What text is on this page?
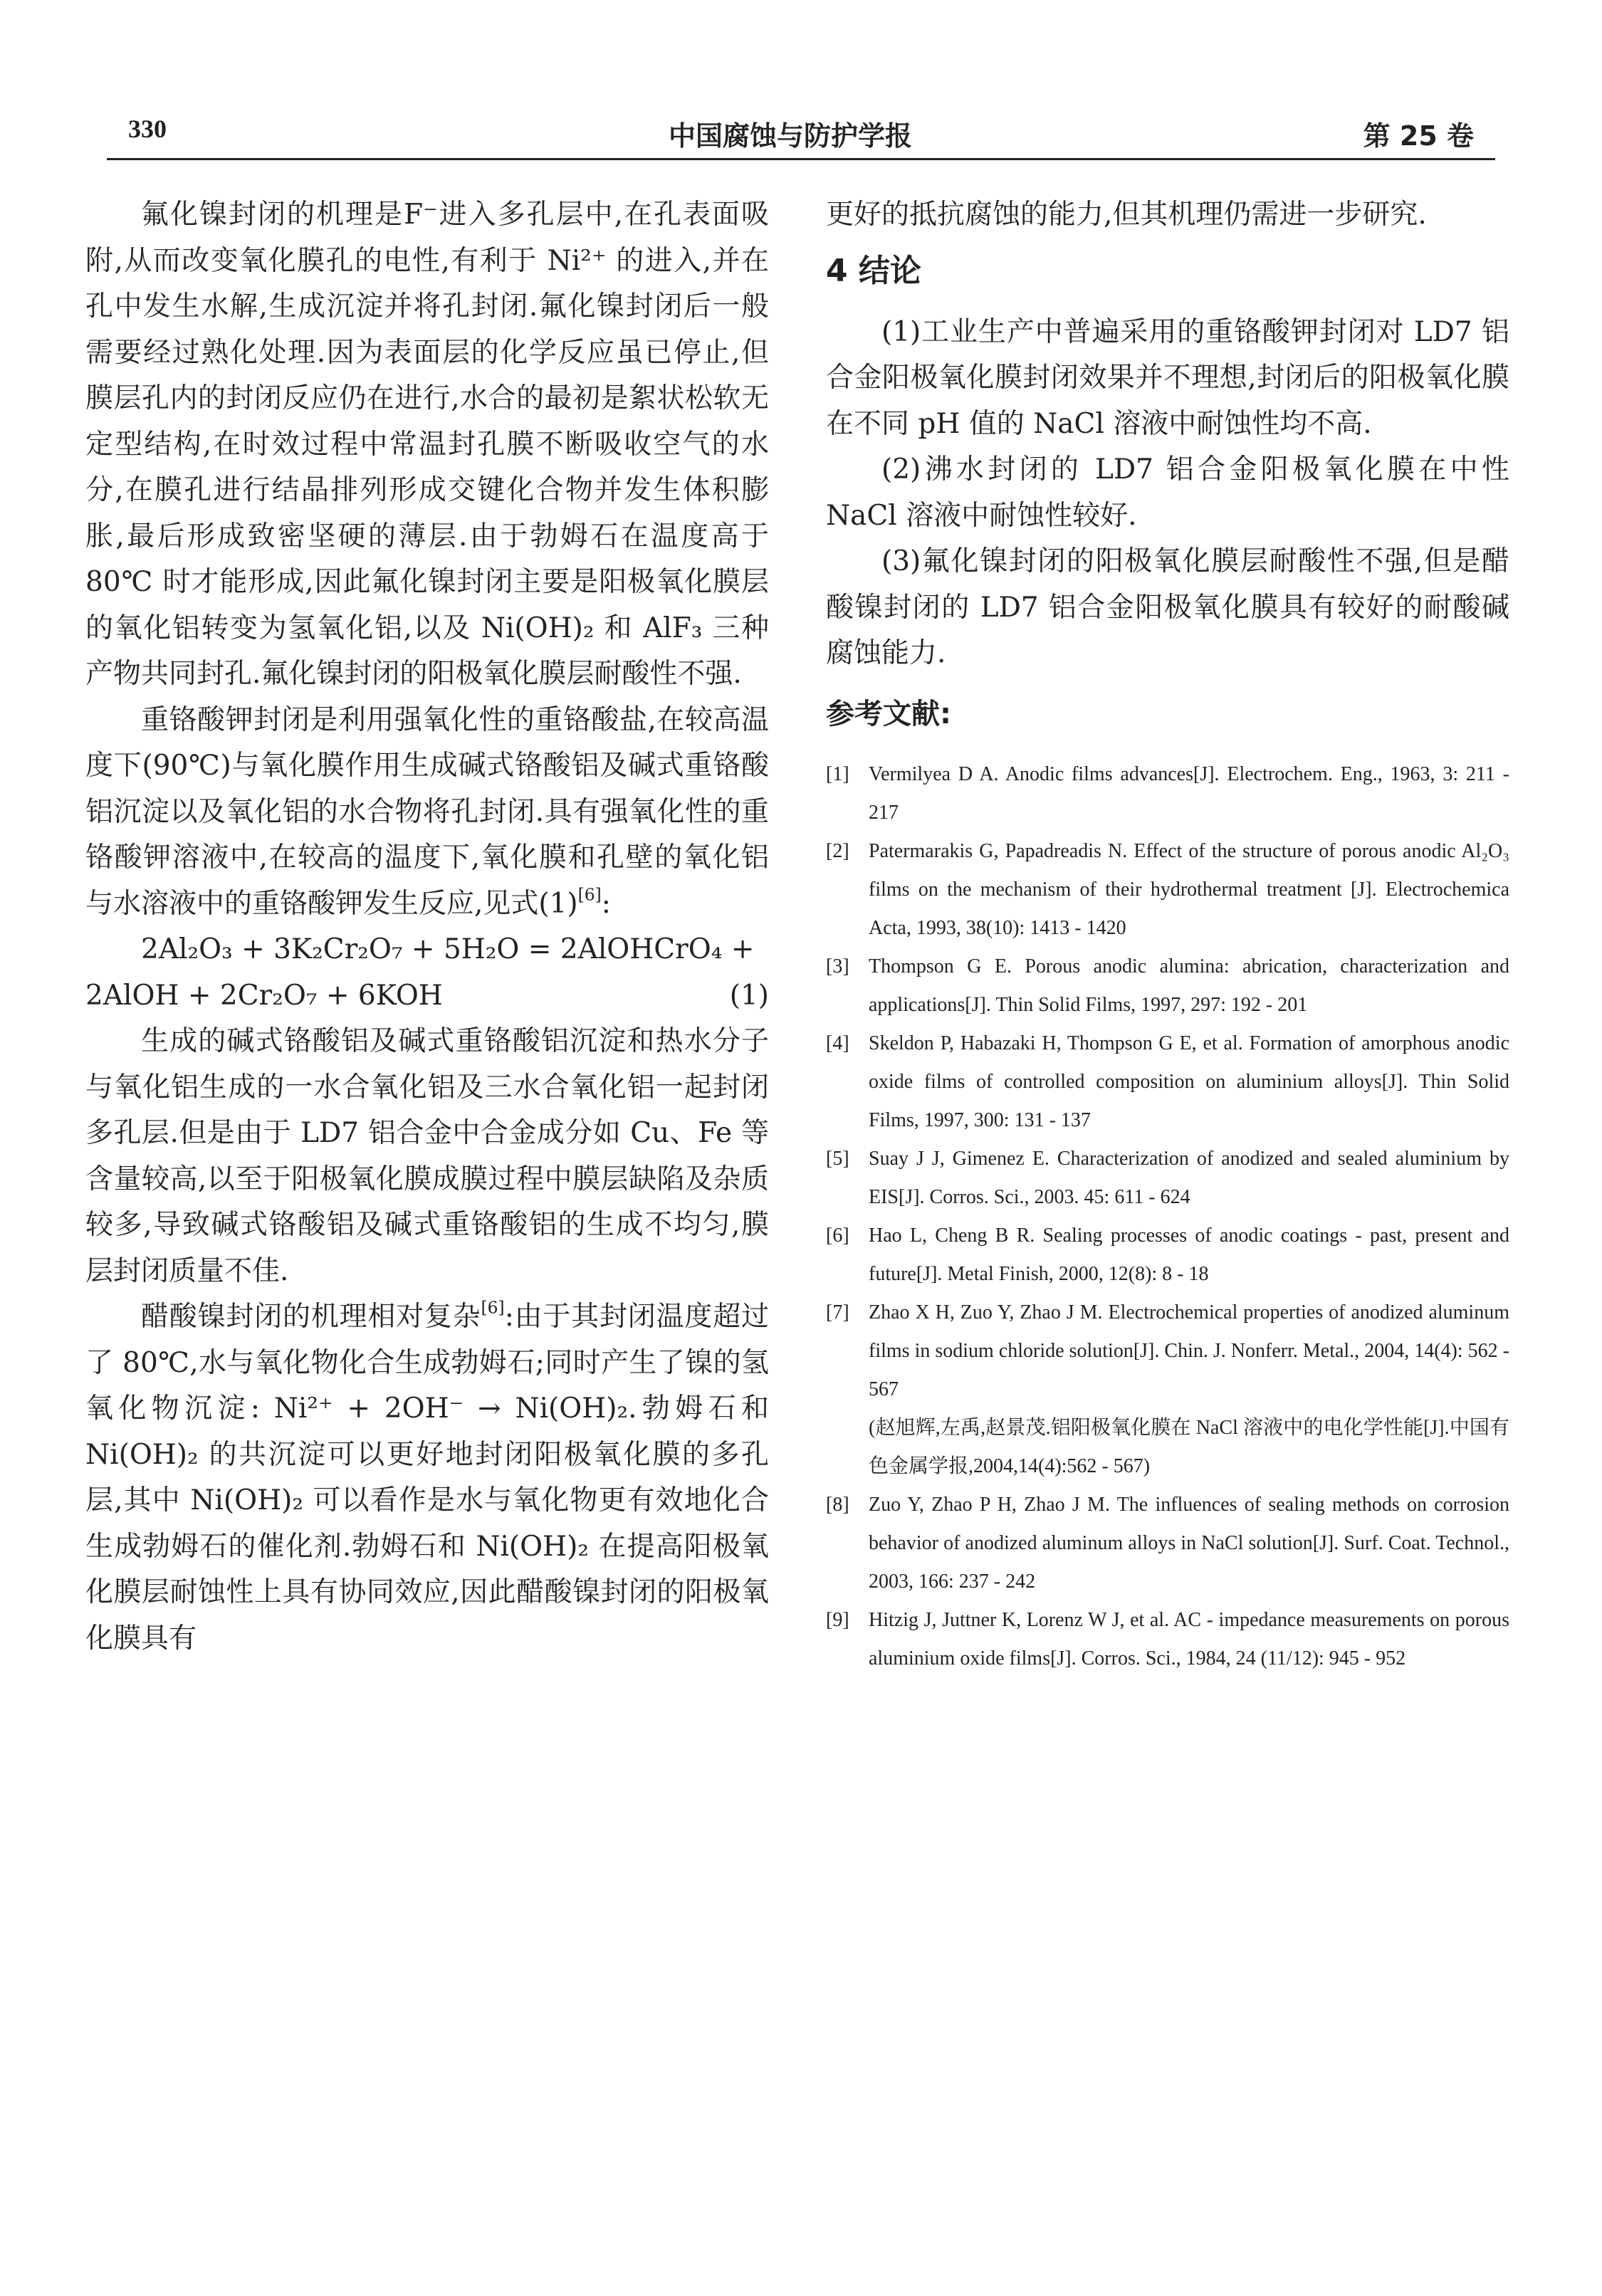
330	中国腐蚀与防护学报	第 25 卷

氟化镍封闭的机理是F⁻进入多孔层中,在孔表面吸附,从而改变氧化膜孔的电性,有利于 Ni²⁺ 的进入,并在孔中发生水解,生成沉淀并将孔封闭.氟化镍封闭后一般需要经过熟化处理.因为表面层的化学反应虽已停止,但膜层孔内的封闭反应仍在进行,水合的最初是絮状松软无定型结构,在时效过程中常温封孔膜不断吸收空气的水分,在膜孔进行结晶排列形成交键化合物并发生体积膨胀,最后形成致密坚硬的薄层.由于勃姆石在温度高于 80℃ 时才能形成,因此氟化镍封闭主要是阳极氧化膜层的氧化铝转变为氢氧化铝,以及 Ni(OH)₂ 和 AlF₃ 三种产物共同封孔.氟化镍封闭的阳极氧化膜层耐酸性不强.

重铬酸钾封闭是利用强氧化性的重铬酸盐,在较高温度下(90℃)与氧化膜作用生成碱式铬酸铝及碱式重铬酸铝沉淀以及氧化铝的水合物将孔封闭.具有强氧化性的重铬酸钾溶液中,在较高的温度下,氧化膜和孔壁的氧化铝与水溶液中的重铬酸钾发生反应,见式(1)[6]:

2Al₂O₃ + 3K₂Cr₂O₇ + 5H₂O = 2AlOHCrO₄ +
2AlOH + 2Cr₂O₇ + 6KOH	(1)

生成的碱式铬酸铝及碱式重铬酸铝沉淀和热水分子与氧化铝生成的一水合氧化铝及三水合氧化铝一起封闭多孔层.但是由于 LD7 铝合金中合金成分如 Cu、Fe 等含量较高,以至于阳极氧化膜成膜过程中膜层缺陷及杂质较多,导致碱式铬酸铝及碱式重铬酸铝的生成不均匀,膜层封闭质量不佳.

醋酸镍封闭的机理相对复杂[6]:由于其封闭温度超过了 80℃,水与氧化物化合生成勃姆石;同时产生了镍的氢氧化物沉淀: Ni²⁺ + 2OH⁻ → Ni(OH)₂.勃姆石和 Ni(OH)₂ 的共沉淀可以更好地封闭阳极氧化膜的多孔层,其中 Ni(OH)₂ 可以看作是水与氧化物更有效地化合生成勃姆石的催化剂.勃姆石和 Ni(OH)₂ 在提高阳极氧化膜层耐蚀性上具有协同效应,因此醋酸镍封闭的阳极氧化膜具有

更好的抵抗腐蚀的能力,但其机理仍需进一步研究.

4 结论

(1)工业生产中普遍采用的重铬酸钾封闭对 LD7 铝合金阳极氧化膜封闭效果并不理想,封闭后的阳极氧化膜在不同 pH 值的 NaCl 溶液中耐蚀性均不高.

(2)沸水封闭的 LD7 铝合金阳极氧化膜在中性 NaCl 溶液中耐蚀性较好.

(3)氟化镍封闭的阳极氧化膜层耐酸性不强,但是醋酸镍封闭的 LD7 铝合金阳极氧化膜具有较好的耐酸碱腐蚀能力.

参考文献:
[1] Vermilyea D A. Anodic films advances[J]. Electrochem. Eng., 1963, 3: 211 - 217
[2] Patermarakis G, Papadreadis N. Effect of the structure of porous anodic Al₂O₃ films on the mechanism of their hydrothermal treatment [J]. Electrochemica Acta, 1993, 38(10): 1413 - 1420
[3] Thompson G E. Porous anodic alumina: abrication, characterization and applications[J]. Thin Solid Films, 1997, 297: 192 - 201
[4] Skeldon P, Habazaki H, Thompson G E, et al. Formation of amorphous anodic oxide films of controlled composition on aluminium alloys[J]. Thin Solid Films, 1997, 300: 131 - 137
[5] Suay J J, Gimenez E. Characterization of anodized and sealed aluminium by EIS[J]. Corros. Sci., 2003. 45: 611 - 624
[6] Hao L, Cheng B R. Sealing processes of anodic coatings - past, present and future[J]. Metal Finish, 2000, 12(8): 8 - 18
[7] Zhao X H, Zuo Y, Zhao J M. Electrochemical properties of anodized aluminum films in sodium chloride solution[J]. Chin. J. Nonferr. Metal., 2004, 14(4): 562 - 567
(赵旭辉,左禹,赵景茂.铝阳极氧化膜在 NaCl 溶液中的电化学性能[J].中国有色金属学报,2004,14(4):562 - 567)
[8] Zuo Y, Zhao P H, Zhao J M. The influences of sealing methods on corrosion behavior of anodized aluminum alloys in NaCl solution[J]. Surf. Coat. Technol., 2003, 166: 237 - 242
[9] Hitzig J, Juttner K, Lorenz W J, et al. AC - impedance measurements on porous aluminium oxide films[J]. Corros. Sci., 1984, 24 (11/12): 945 - 952
